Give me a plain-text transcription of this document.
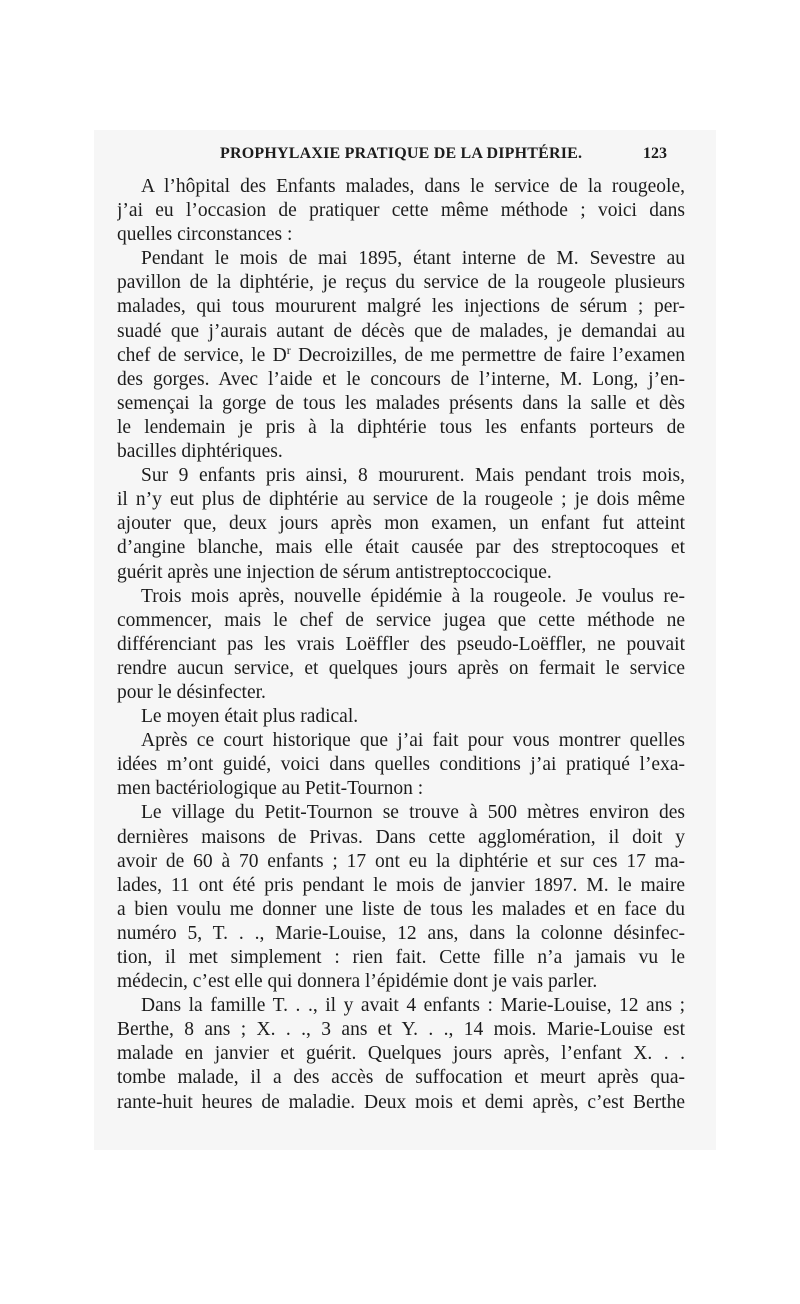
PROPHYLAXIE PRATIQUE DE LA DIPHTÉRIE.	123
A l’hôpital des Enfants malades, dans le service de la rougeole,
j’ai eu l’occasion de pratiquer cette même méthode ; voici dans
quelles circonstances :
Pendant le mois de mai 1895, étant interne de M. Sevestre au
pavillon de la diphtérie, je reçus du service de la rougeole plusieurs
malades, qui tous moururent malgré les injections de sérum ; per-
suadé que j’aurais autant de décès que de malades, je demandai au
chef de service, le $D^r$ Decroizilles, de me permettre de faire l’examen
des gorges. Avec l’aide et le concours de l’interne, M. Long, j’en-
semençai la gorge de tous les malades présents dans la salle et dès
le lendemain je pris à la diphtérie tous les enfants porteurs de
bacilles diphtériques.
Sur 9 enfants pris ainsi, 8 moururent. Mais pendant trois mois,
il n’y eut plus de diphtérie au service de la rougeole ; je dois même
ajouter que, deux jours après mon examen, un enfant fut atteint
d’angine blanche, mais elle était causée par des streptocoques et
guérit après une injection de sérum antistreptoccocique.
Trois mois après, nouvelle épidémie à la rougeole. Je voulus re-
commencer, mais le chef de service jugea que cette méthode ne
différenciant pas les vrais Loëffler des pseudo-Loëffler, ne pouvait
rendre aucun service, et quelques jours après on fermait le service
pour le désinfecter.
Le moyen était plus radical.
Après ce court historique que j’ai fait pour vous montrer quelles
idées m’ont guidé, voici dans quelles conditions j’ai pratiqué l’exa-
men bactériologique au Petit-Tournon :
Le village du Petit-Tournon se trouve à 500 mètres environ des
dernières maisons de Privas. Dans cette agglomération, il doit y
avoir de 60 à 70 enfants ; 17 ont eu la diphtérie et sur ces 17 ma-
lades, 11 ont été pris pendant le mois de janvier 1897. M. le maire
a bien voulu me donner une liste de tous les malades et en face du
numéro 5, T. . ., Marie-Louise, 12 ans, dans la colonne désinfec-
tion, il met simplement : rien fait. Cette fille n’a jamais vu le
médecin, c’est elle qui donnera l’épidémie dont je vais parler.
Dans la famille T. . ., il y avait 4 enfants : Marie-Louise, 12 ans ;
Berthe, 8 ans ; X. . ., 3 ans et Y. . ., 14 mois. Marie-Louise est
malade en janvier et guérit. Quelques jours après, l’enfant X. . .
tombe malade, il a des accès de suffocation et meurt après qua-
rante-huit heures de maladie. Deux mois et demi après, c’est Berthe
